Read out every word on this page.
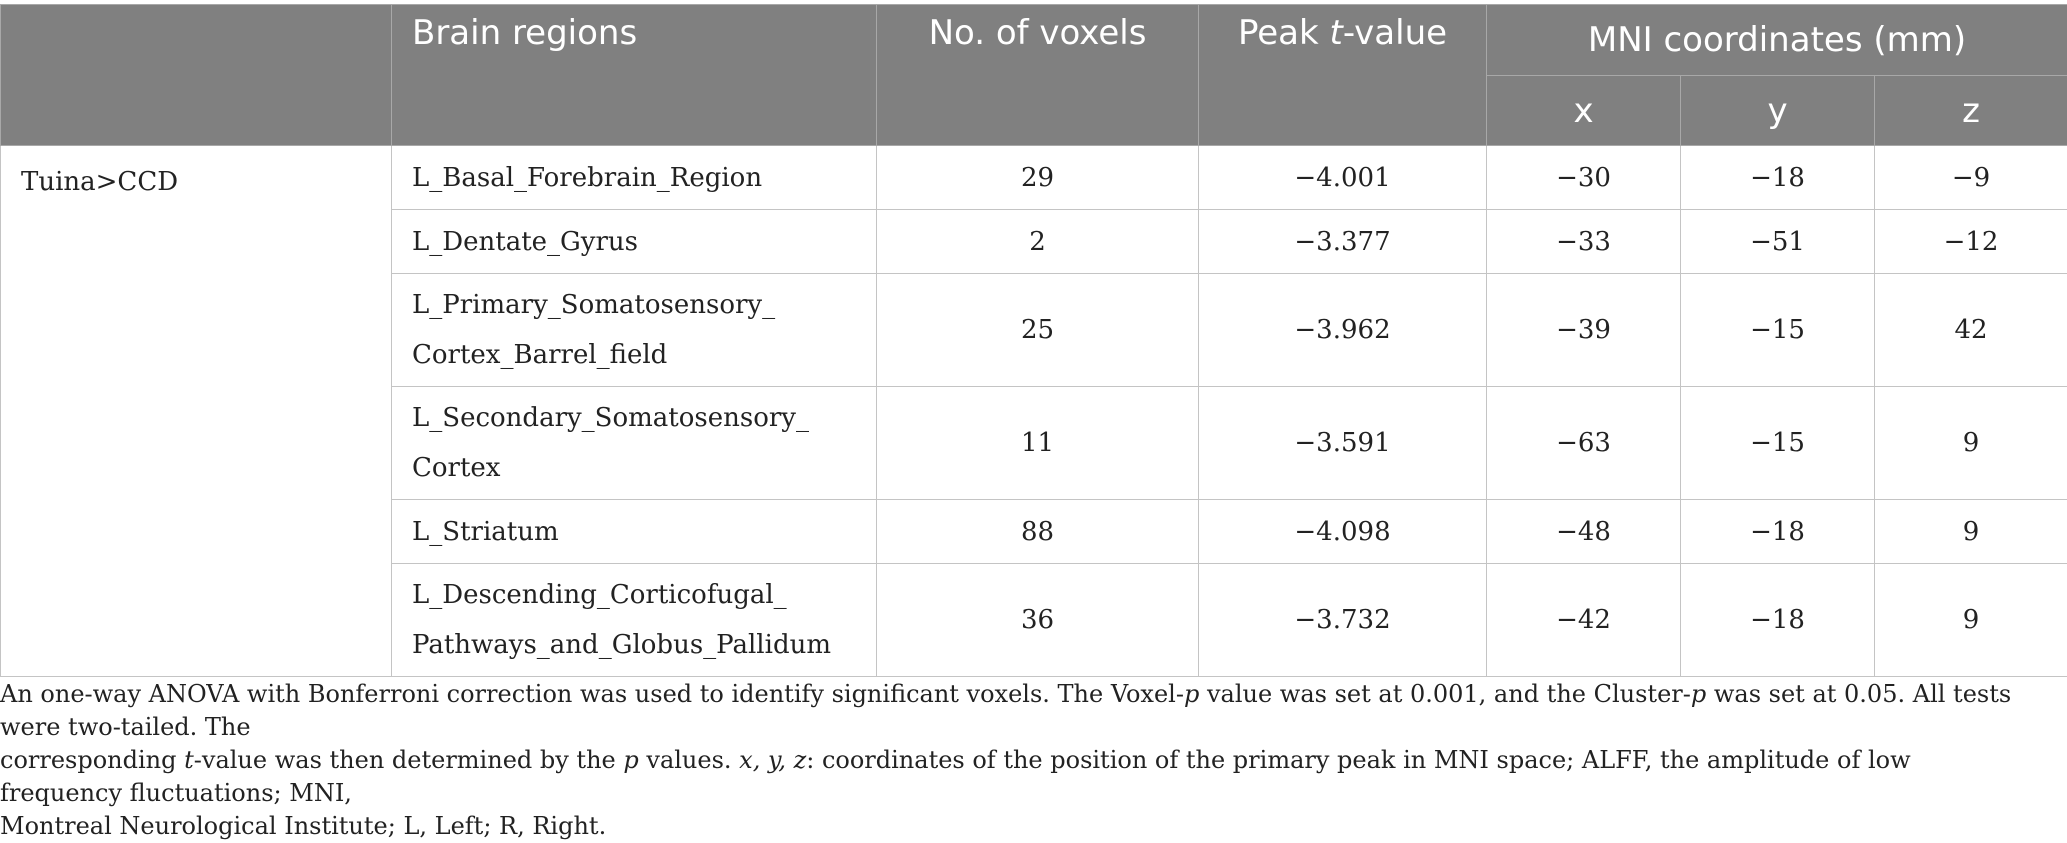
	Brain regions	No. of voxels	Peak t-value	MNI coordinates (mm)		
				x	y	z
Tuina>CCD	L_Basal_Forebrain_Region	29	−4.001	−30	−18	−9

	L_Dentate_Gyrus	2	−3.377	−33	−51	−12

	L_Primary_Somatosensory_
Cortex_Barrel_field	25	−3.962	−39	−15	42

	L_Secondary_Somatosensory_
Cortex	11	−3.591	−63	−15	9

	L_Striatum	88	−4.098	−48	−18	9

	L_Descending_Corticofugal_
Pathways_and_Globus_Pallidum	36	−3.732	−42	−18	9

An one-way ANOVA with Bonferroni correction was used to identify significant voxels. The Voxel-p value was set at 0.001, and the Cluster-p was set at 0.05. All tests were two-tailed. The

corresponding t-value was then determined by the p values. x, y, z: coordinates of the position of the primary peak in MNI space; ALFF, the amplitude of low frequency fluctuations; MNI,

Montreal Neurological Institute; L, Left; R, Right.
